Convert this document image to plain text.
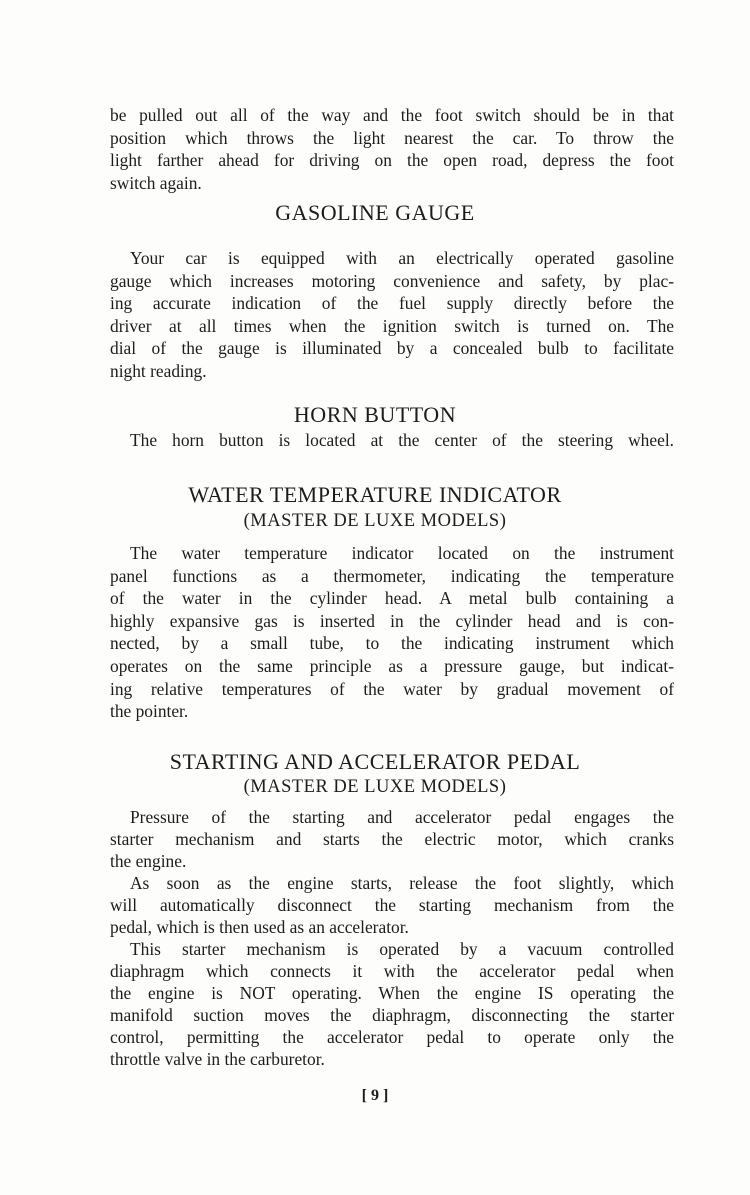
be pulled out all of the way and the foot switch should be in that
position which throws the light nearest the car. To throw the
light farther ahead for driving on the open road, depress the foot
switch again.
GASOLINE GAUGE
Your car is equipped with an electrically operated gasoline
gauge which increases motoring convenience and safety, by plac-
ing accurate indication of the fuel supply directly before the
driver at all times when the ignition switch is turned on. The
dial of the gauge is illuminated by a concealed bulb to facilitate
night reading.
HORN BUTTON
The horn button is located at the center of the steering wheel.
WATER TEMPERATURE INDICATOR
(MASTER DE LUXE MODELS)
The water temperature indicator located on the instrument
panel functions as a thermometer, indicating the temperature
of the water in the cylinder head. A metal bulb containing a
highly expansive gas is inserted in the cylinder head and is con-
nected, by a small tube, to the indicating instrument which
operates on the same principle as a pressure gauge, but indicat-
ing relative temperatures of the water by gradual movement of
the pointer.
STARTING AND ACCELERATOR PEDAL
(MASTER DE LUXE MODELS)
Pressure of the starting and accelerator pedal engages the
starter mechanism and starts the electric motor, which cranks
the engine.
As soon as the engine starts, release the foot slightly, which
will automatically disconnect the starting mechanism from the
pedal, which is then used as an accelerator.
This starter mechanism is operated by a vacuum controlled
diaphragm which connects it with the accelerator pedal when
the engine is NOT operating. When the engine IS operating the
manifold suction moves the diaphragm, disconnecting the starter
control, permitting the accelerator pedal to operate only the
throttle valve in the carburetor.
[ 9 ]
